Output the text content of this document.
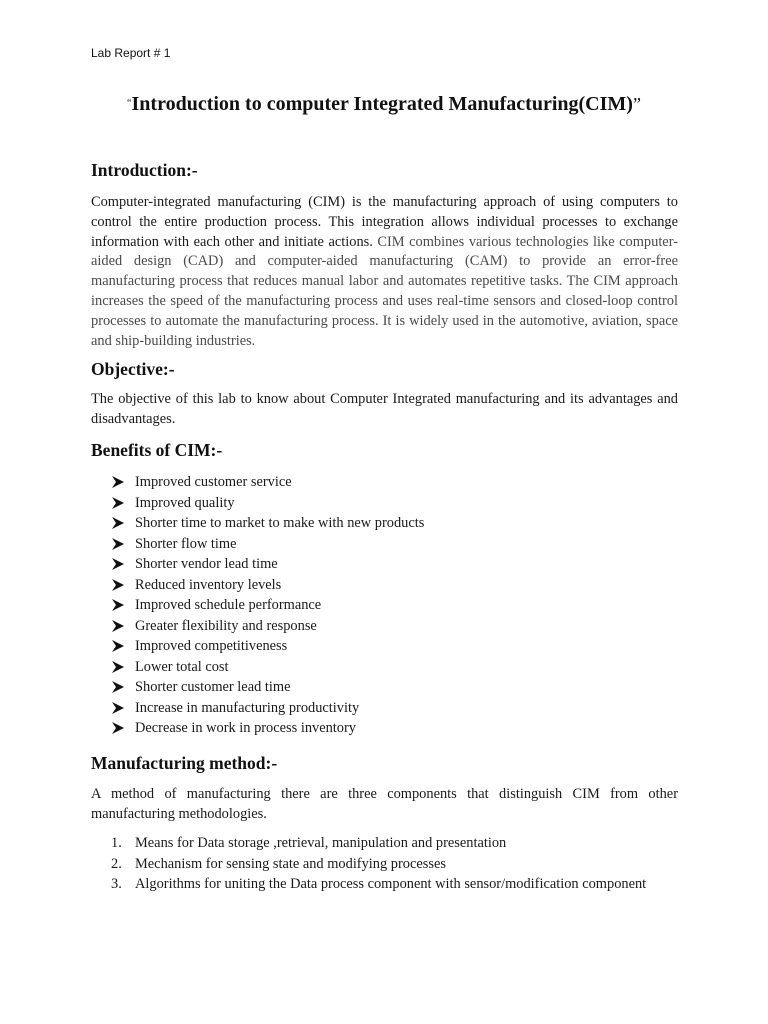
Lab Report # 1
“Introduction to computer Integrated Manufacturing(CIM)”
Introduction:-

Computer-integrated manufacturing (CIM) is the manufacturing approach of using computers to control the entire production process. This integration allows individual processes to exchange information with each other and initiate actions. CIM combines various technologies like computer-aided design (CAD) and computer-aided manufacturing (CAM) to provide an error-free manufacturing process that reduces manual labor and automates repetitive tasks. The CIM approach increases the speed of the manufacturing process and uses real-time sensors and closed-loop control processes to automate the manufacturing process. It is widely used in the automotive, aviation, space and ship-building industries.

Objective:-

The objective of this lab to know about Computer Integrated manufacturing and its advantages and disadvantages.

Benefits of CIM:-
Improved customer service
Improved quality
Shorter time to market to make with new products
Shorter flow time
Shorter vendor lead time
Reduced inventory levels
Improved schedule performance
Greater flexibility and response
Improved competitiveness
Lower total cost
Shorter customer lead time
Increase in manufacturing productivity
Decrease in work in process inventory
Manufacturing method:-

A method of manufacturing there are three components that distinguish CIM from other manufacturing methodologies.

1. Means for Data storage ,retrieval, manipulation and presentation
2. Mechanism for sensing state and modifying processes
3. Algorithms for uniting the Data process component with sensor/modification component
